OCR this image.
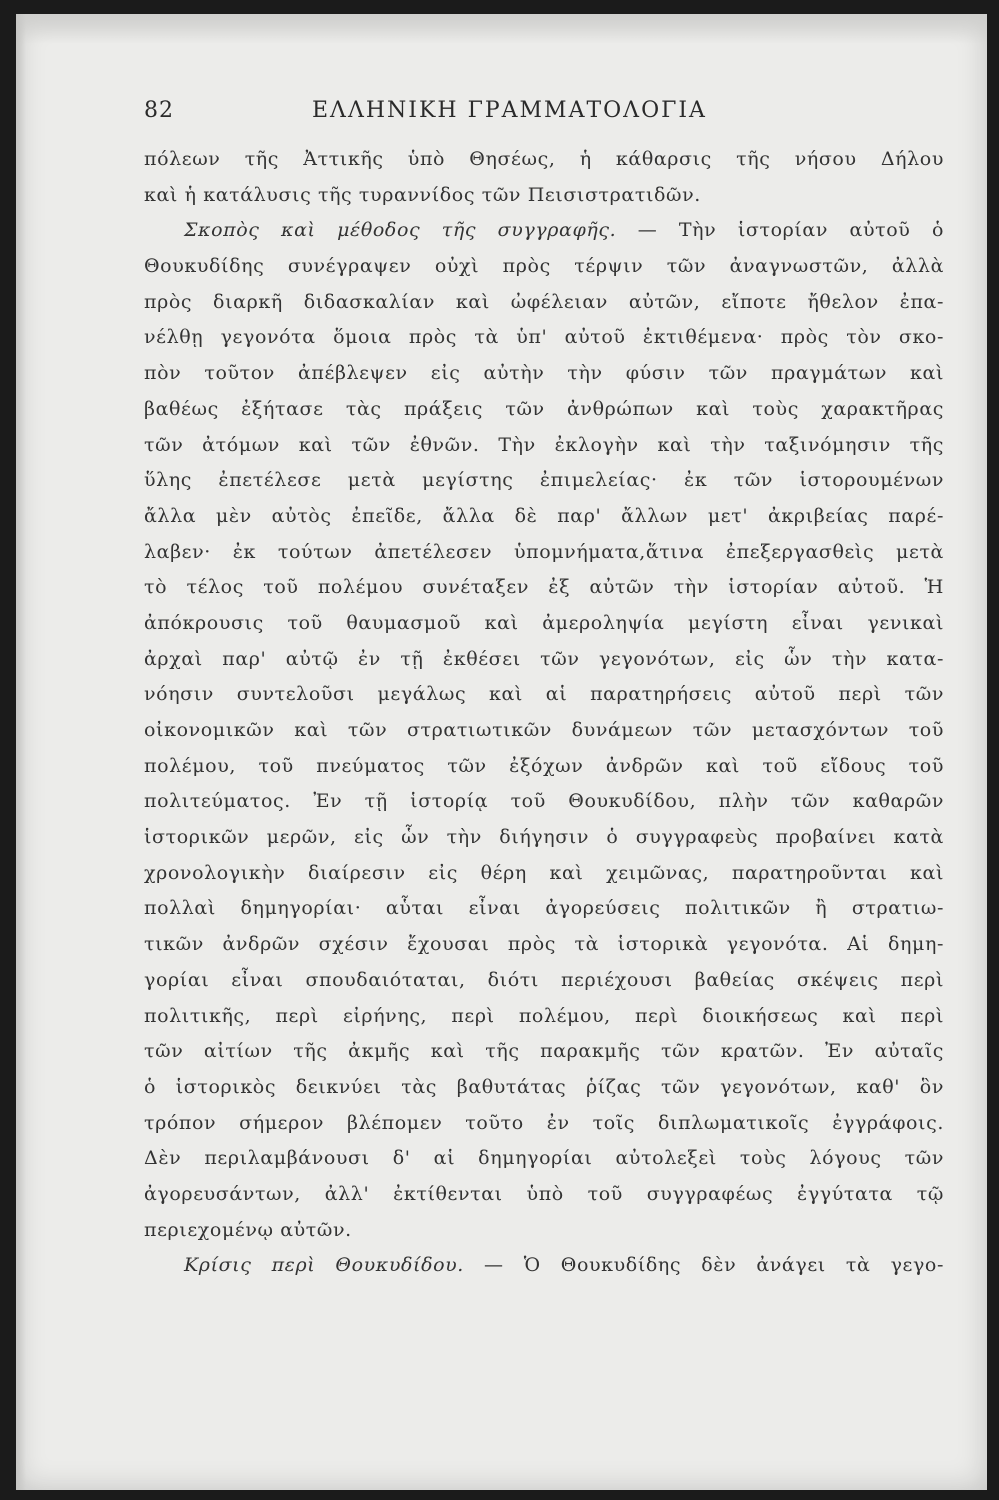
82	ΕΛΛΗΝΙΚΗ ΓΡΑΜΜΑΤΟΛΟΓΙΑ
πόλεων τῆς Ἀττικῆς ὑπὸ Θησέως, ἡ κάθαρσις τῆς νήσου Δήλου
καὶ ἡ κατάλυσις τῆς τυραννίδος τῶν Πεισιστρατιδῶν.
Σκοπὸς καὶ μέθοδος τῆς συγγραφῆς. — Τὴν ἱστορίαν αὐτοῦ ὁ
Θουκυδίδης συνέγραψεν οὐχὶ πρὸς τέρψιν τῶν ἀναγνωστῶν, ἀλλὰ
πρὸς διαρκῆ διδασκαλίαν καὶ ὠφέλειαν αὐτῶν, εἴποτε ἤθελον ἐπα-
νέλθῃ γεγονότα ὅμοια πρὸς τὰ ὑπ' αὐτοῦ ἐκτιθέμενα· πρὸς τὸν σκο-
πὸν τοῦτον ἀπέβλεψεν εἰς αὐτὴν τὴν φύσιν τῶν πραγμάτων καὶ
βαθέως ἐξήτασε τὰς πράξεις τῶν ἀνθρώπων καὶ τοὺς χαρακτῆρας
τῶν ἀτόμων καὶ τῶν ἐθνῶν. Τὴν ἐκλογὴν καὶ τὴν ταξινόμησιν τῆς
ὕλης ἐπετέλεσε μετὰ μεγίστης ἐπιμελείας· ἐκ τῶν ἱστορουμένων
ἄλλα μὲν αὐτὸς ἐπεῖδε, ἄλλα δὲ παρ' ἄλλων μετ' ἀκριβείας παρέ-
λαβεν· ἐκ τούτων ἀπετέλεσεν ὑπομνήματα,ἅτινα ἐπεξεργασθεὶς μετὰ
τὸ τέλος τοῦ πολέμου συνέταξεν ἐξ αὐτῶν τὴν ἱστορίαν αὐτοῦ. Ἡ
ἀπόκρουσις τοῦ θαυμασμοῦ καὶ ἀμεροληψία μεγίστη εἶναι γενικαὶ
ἀρχαὶ παρ' αὐτῷ ἐν τῇ ἐκθέσει τῶν γεγονότων, εἰς ὧν τὴν κατα-
νόησιν συντελοῦσι μεγάλως καὶ αἱ παρατηρήσεις αὐτοῦ περὶ τῶν
οἰκονομικῶν καὶ τῶν στρατιωτικῶν δυνάμεων τῶν μετασχόντων τοῦ
πολέμου, τοῦ πνεύματος τῶν ἐξόχων ἀνδρῶν καὶ τοῦ εἴδους τοῦ
πολιτεύματος. Ἐν τῇ ἱστορίᾳ τοῦ Θουκυδίδου, πλὴν τῶν καθαρῶν
ἱστορικῶν μερῶν, εἰς ὧν τὴν διήγησιν ὁ συγγραφεὺς προβαίνει κατὰ
χρονολογικὴν διαίρεσιν εἰς θέρη καὶ χειμῶνας, παρατηροῦνται καὶ
πολλαὶ δημηγορίαι· αὗται εἶναι ἀγορεύσεις πολιτικῶν ἢ στρατιω-
τικῶν ἀνδρῶν σχέσιν ἔχουσαι πρὸς τὰ ἱστορικὰ γεγονότα. Αἱ δημη-
γορίαι εἶναι σπουδαιόταται, διότι περιέχουσι βαθείας σκέψεις περὶ
πολιτικῆς, περὶ εἰρήνης, περὶ πολέμου, περὶ διοικήσεως καὶ περὶ
τῶν αἰτίων τῆς ἀκμῆς καὶ τῆς παρακμῆς τῶν κρατῶν. Ἐν αὐταῖς
ὁ ἱστορικὸς δεικνύει τὰς βαθυτάτας ῥίζας τῶν γεγονότων, καθ' ὃν
τρόπον σήμερον βλέπομεν τοῦτο ἐν τοῖς διπλωματικοῖς ἐγγράφοις.
Δὲν περιλαμβάνουσι δ' αἱ δημηγορίαι αὐτολεξεὶ τοὺς λόγους τῶν
ἀγορευσάντων, ἀλλ' ἐκτίθενται ὑπὸ τοῦ συγγραφέως ἐγγύτατα τῷ
περιεχομένῳ αὐτῶν.
Κρίσις περὶ Θουκυδίδου. — Ὁ Θουκυδίδης δὲν ἀνάγει τὰ γεγο-
